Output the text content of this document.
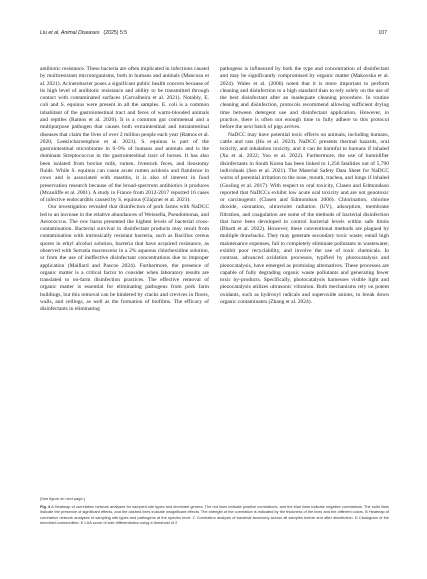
Liu et al. Animal Diseases (2025) 5:5	107

antibiotic resistance. These bacteria are often implicated in infections caused by multiresistant microorganisms, both in humans and animals (Mancuso et al. 2021). Acinetobacter poses a significant public health concern because of its high level of antibiotic resistance and ability to be transmitted through contact with contaminated surfaces (Carvalheira et al. 2021). Notably, E. coli and S. equinus were present in all the samples. E. coli is a common inhabitant of the gastrointestinal tract and feces of warm-blooded animals and reptiles (Ramos et al. 2020). It is a common gut commensal and a multipurpose pathogen that causes both extraintestinal and intraintestinal diseases that claim the lives of over 2 million people each year (Ramos et al. 2020; Leekitcharoenphon et al. 2021). S. equinus is part of the gastrointestinal microbiome in 6–9% of humans and animals and is the dominant Streptococcus in the gastrointestinal tract of horses. It has also been isolated from bovine milk, rumen, livestock feces, and ileostomy fluids. While S. equinus can cause acute rumen acidosis and flatulence in cows and is associated with mastitis, it is also of interest in food preservation research because of the broad-spectrum antibiotics it produces (Mcauliffe et al. 2001). A study in France from 2012-2017 reported 16 cases of infective endocarditis caused by S. equinus (Glajzner et al. 2021).

Our investigation revealed that disinfection of pork farms with NaDCC led to an increase in the relative abundances of Weissella, Pseudomonas, and Aerococcus. The row barns presented the highest levels of bacterial cross-contamination. Bacterial survival in disinfectant products may result from contamination with intrinsically resistant bacteria, such as Bacillus cereus spores in ethyl alcohol solution, bacteria that have acquired resistance, as observed with Serratia marcescens in a 2% aqueous chlorhexidine solution, or from the use of ineffective disinfectant concentrations due to improper application (Maillard and Pascoe 2024). Furthermore, the presence of organic matter is a critical factor to consider when laboratory results are translated to on-farm disinfection practices. The effective removal of organic matter is essential for eliminating pathogens from pork farm buildings, but this removal can be hindered by cracks and crevices in floors, walls, and ceilings, as well as the formation of biofilms. The efficacy of disinfectants in eliminating

pathogens is influenced by both the type and concentration of disinfectant and may be significantly compromised by organic matter (Makovska et al. 2024). Wales et al. (2006) noted that it is more important to perform cleaning and disinfection to a high standard than to rely solely on the use of the best disinfectant after an inadequate cleaning procedure. In routine cleaning and disinfection, protocols recommend allowing sufficient drying time between detergent use and disinfectant application. However, in practice, there is often not enough time to fully adhere to this protocol before the next batch of pigs arrives.

NaDCC may have potential toxic effects on animals, including humans, cattle and rats (Hu et al. 2024). NaDCC presents thermal hazards, oral toxicity, and inhalation toxicity, and it can be harmful to humans if inhaled (Xu et al. 2022; Yoo et al. 2022). Furthermore, the use of humidifier disinfectants in South Korea has been linked to 1,256 fatalities out of 5,790 individuals (Seo et al. 2021). The Material Safety Data Sheet for NaDCC warns of potential irritation to the nose, mouth, trachea, and lungs if inhaled (Gosling et al. 2017). With respect to oral toxicity, Clasen and Edmondson reported that NaDCCs exhibit low acute oral toxicity and are not genotoxic or carcinogenic (Clasen and Edmondson 2006). Chlorination, chlorine dioxide, ozonation, ultraviolet radiation (UV), adsorption, membrane filtration, and coagulation are some of the methods of bacterial disinfection that have been developed to control bacterial levels within safe limits (Bharti et al. 2022). However, these conventional methods are plagued by multiple drawbacks. They may generate secondary toxic waste, entail high maintenance expenses, fail to completely eliminate pollutants in wastewater, exhibit poor recyclability, and involve the use of toxic chemicals. In contrast, advanced oxidation processes, typified by photocatalysis and piezocatalysis, have emerged as promising alternatives. These processes are capable of fully degrading organic waste pollutants and generating fewer toxic by-products. Specifically, photocatalysis harnesses visible light and piezocatalysis utilizes ultrasonic vibration. Both mechanisms rely on potent oxidants, such as hydroxyl radicals and superoxide anions, to break down organic contaminants (Zhang et al. 2024).

(See figure on next page.)
Fig. 4 A Heatmap of correlation network analyses for sampled site types and dominant genera. The red lines indicate positive correlations, and the blue lines indicate negative correlations. The solid lines indicate the presence of significant effects, and the dashed lines indicate insignificant effects. The strength of the correlation is indicated by the thickness of the lines and the different colors. B Heatmap of correlation network analyses of sampling site types and pathogens at the species level. C Correlation analysis of bacterial taxonomy across all samples before and after disinfection. D Cladogram of the microbial communities. E LDA score of size differentiation using a threshold of 2
